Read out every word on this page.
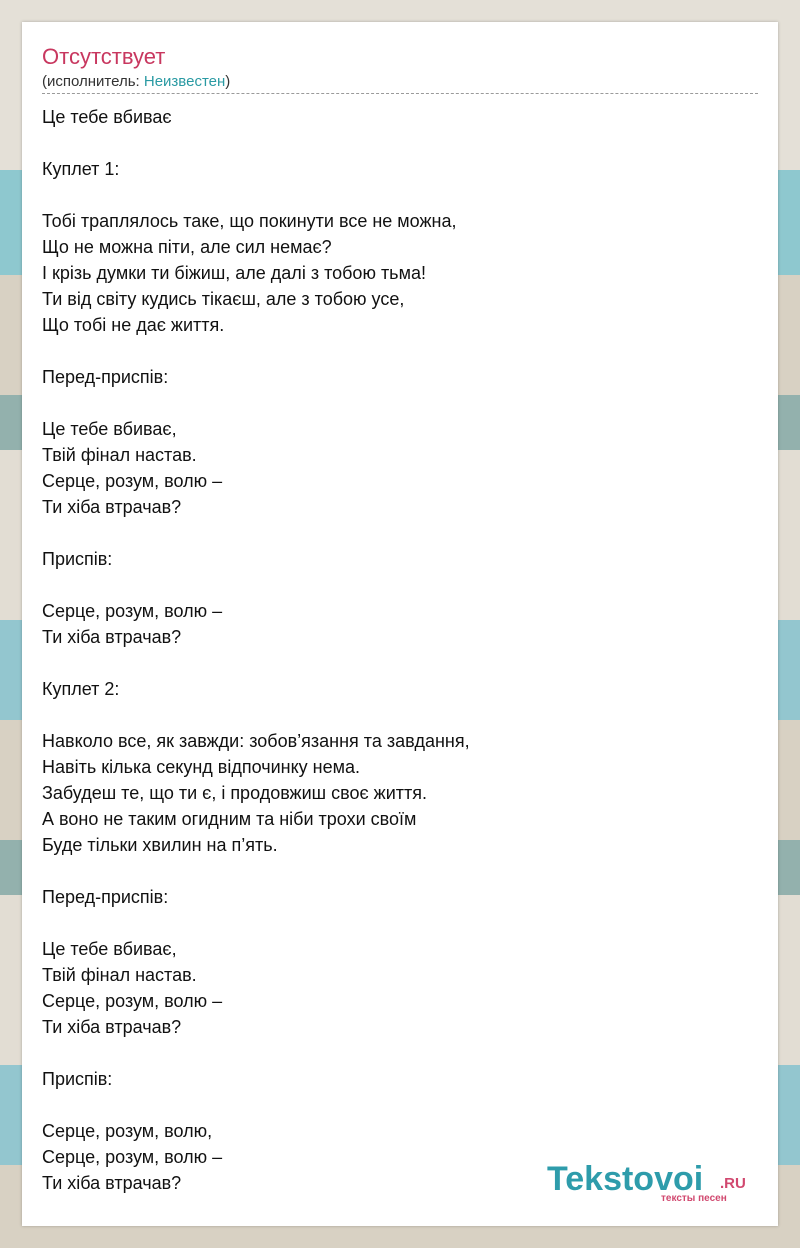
Отсутствует
(исполнитель: Неизвестен)
Це тебе вбиває
Куплет 1:
Тобі траплялось таке, що покинути все не можна,
Що не можна піти, але сил немає?
І крізь думки ти біжиш, але далі з тобою тьма!
Ти від світу кудись тікаєш, але з тобою усе,
Що тобі не дає життя.
Перед-приспів:
Це тебе вбиває,
Твій фінал настав.
Серце, розум, волю –
Ти хіба втрачав?
Приспів:
Серце, розум, волю –
Ти хіба втрачав?
Куплет 2:
Навколо все, як завжди: зобов’язання та завдання,
Навіть кілька секунд відпочинку нема.
Забудеш те, що ти є, і продовжиш своє життя.
А воно не таким огидним та ніби трохи своїм
Буде тільки хвилин на п’ять.
Перед-приспів:
Це тебе вбиває,
Твій фінал настав.
Серце, розум, волю –
Ти хіба втрачав?
Приспів:
Серце, розум, волю,
Серце, розум, волю –
Ти хіба втрачав?	Tekstovoi .RU
тексты песен
